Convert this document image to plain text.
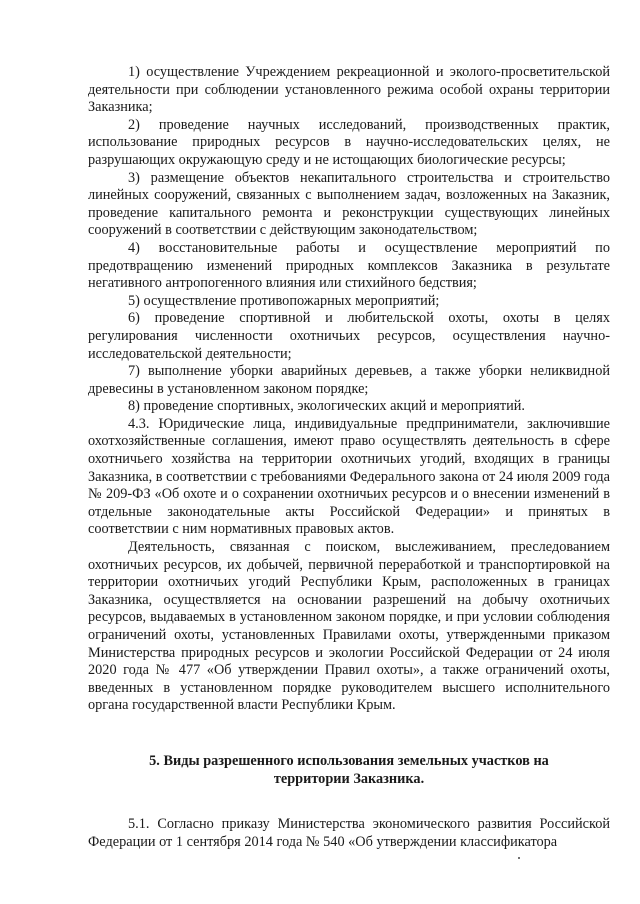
1) осуществление Учреждением рекреационной и эколого-просветительской деятельности при соблюдении установленного режима особой охраны территории Заказника;

2) проведение научных исследований, производственных практик, использование природных ресурсов в научно-исследовательских целях, не разрушающих окружающую среду и не истощающих биологические ресурсы;

3) размещение объектов некапитального строительства и строительство линейных сооружений, связанных с выполнением задач, возложенных на Заказник, проведение капитального ремонта и реконструкции существующих линейных сооружений в соответствии с действующим законодательством;

4) восстановительные работы и осуществление мероприятий по предотвращению изменений природных комплексов Заказника в результате негативного антропогенного влияния или стихийного бедствия;

5) осуществление противопожарных мероприятий;

6) проведение спортивной и любительской охоты, охоты в целях регулирования численности охотничьих ресурсов, осуществления научно-исследовательской деятельности;

7) выполнение уборки аварийных деревьев, а также уборки неликвидной древесины в установленном законом порядке;

8) проведение спортивных, экологических акций и мероприятий.

4.3. Юридические лица, индивидуальные предприниматели, заключившие охотхозяйственные соглашения, имеют право осуществлять деятельность в сфере охотничьего хозяйства на территории охотничьих угодий, входящих в границы Заказника, в соответствии с требованиями Федерального закона от 24 июля 2009 года № 209-ФЗ «Об охоте и о сохранении охотничьих ресурсов и о внесении изменений в отдельные законодательные акты Российской Федерации» и принятых в соответствии с ним нормативных правовых актов.

Деятельность, связанная с поиском, выслеживанием, преследованием охотничьих ресурсов, их добычей, первичной переработкой и транспортировкой на территории охотничьих угодий Республики Крым, расположенных в границах Заказника, осуществляется на основании разрешений на добычу охотничьих ресурсов, выдаваемых в установленном законом порядке, и при условии соблюдения ограничений охоты, установленных Правилами охоты, утвержденными приказом Министерства природных ресурсов и экологии Российской Федерации от 24 июля 2020 года № 477 «Об утверждении Правил охоты», а также ограничений охоты, введенных в установленном порядке руководителем высшего исполнительного органа государственной власти Республики Крым.

5. Виды разрешенного использования земельных участков на
территории Заказника.

5.1. Согласно приказу Министерства экономического развития Российской Федерации от 1 сентября 2014 года № 540 «Об утверждении классификатора
